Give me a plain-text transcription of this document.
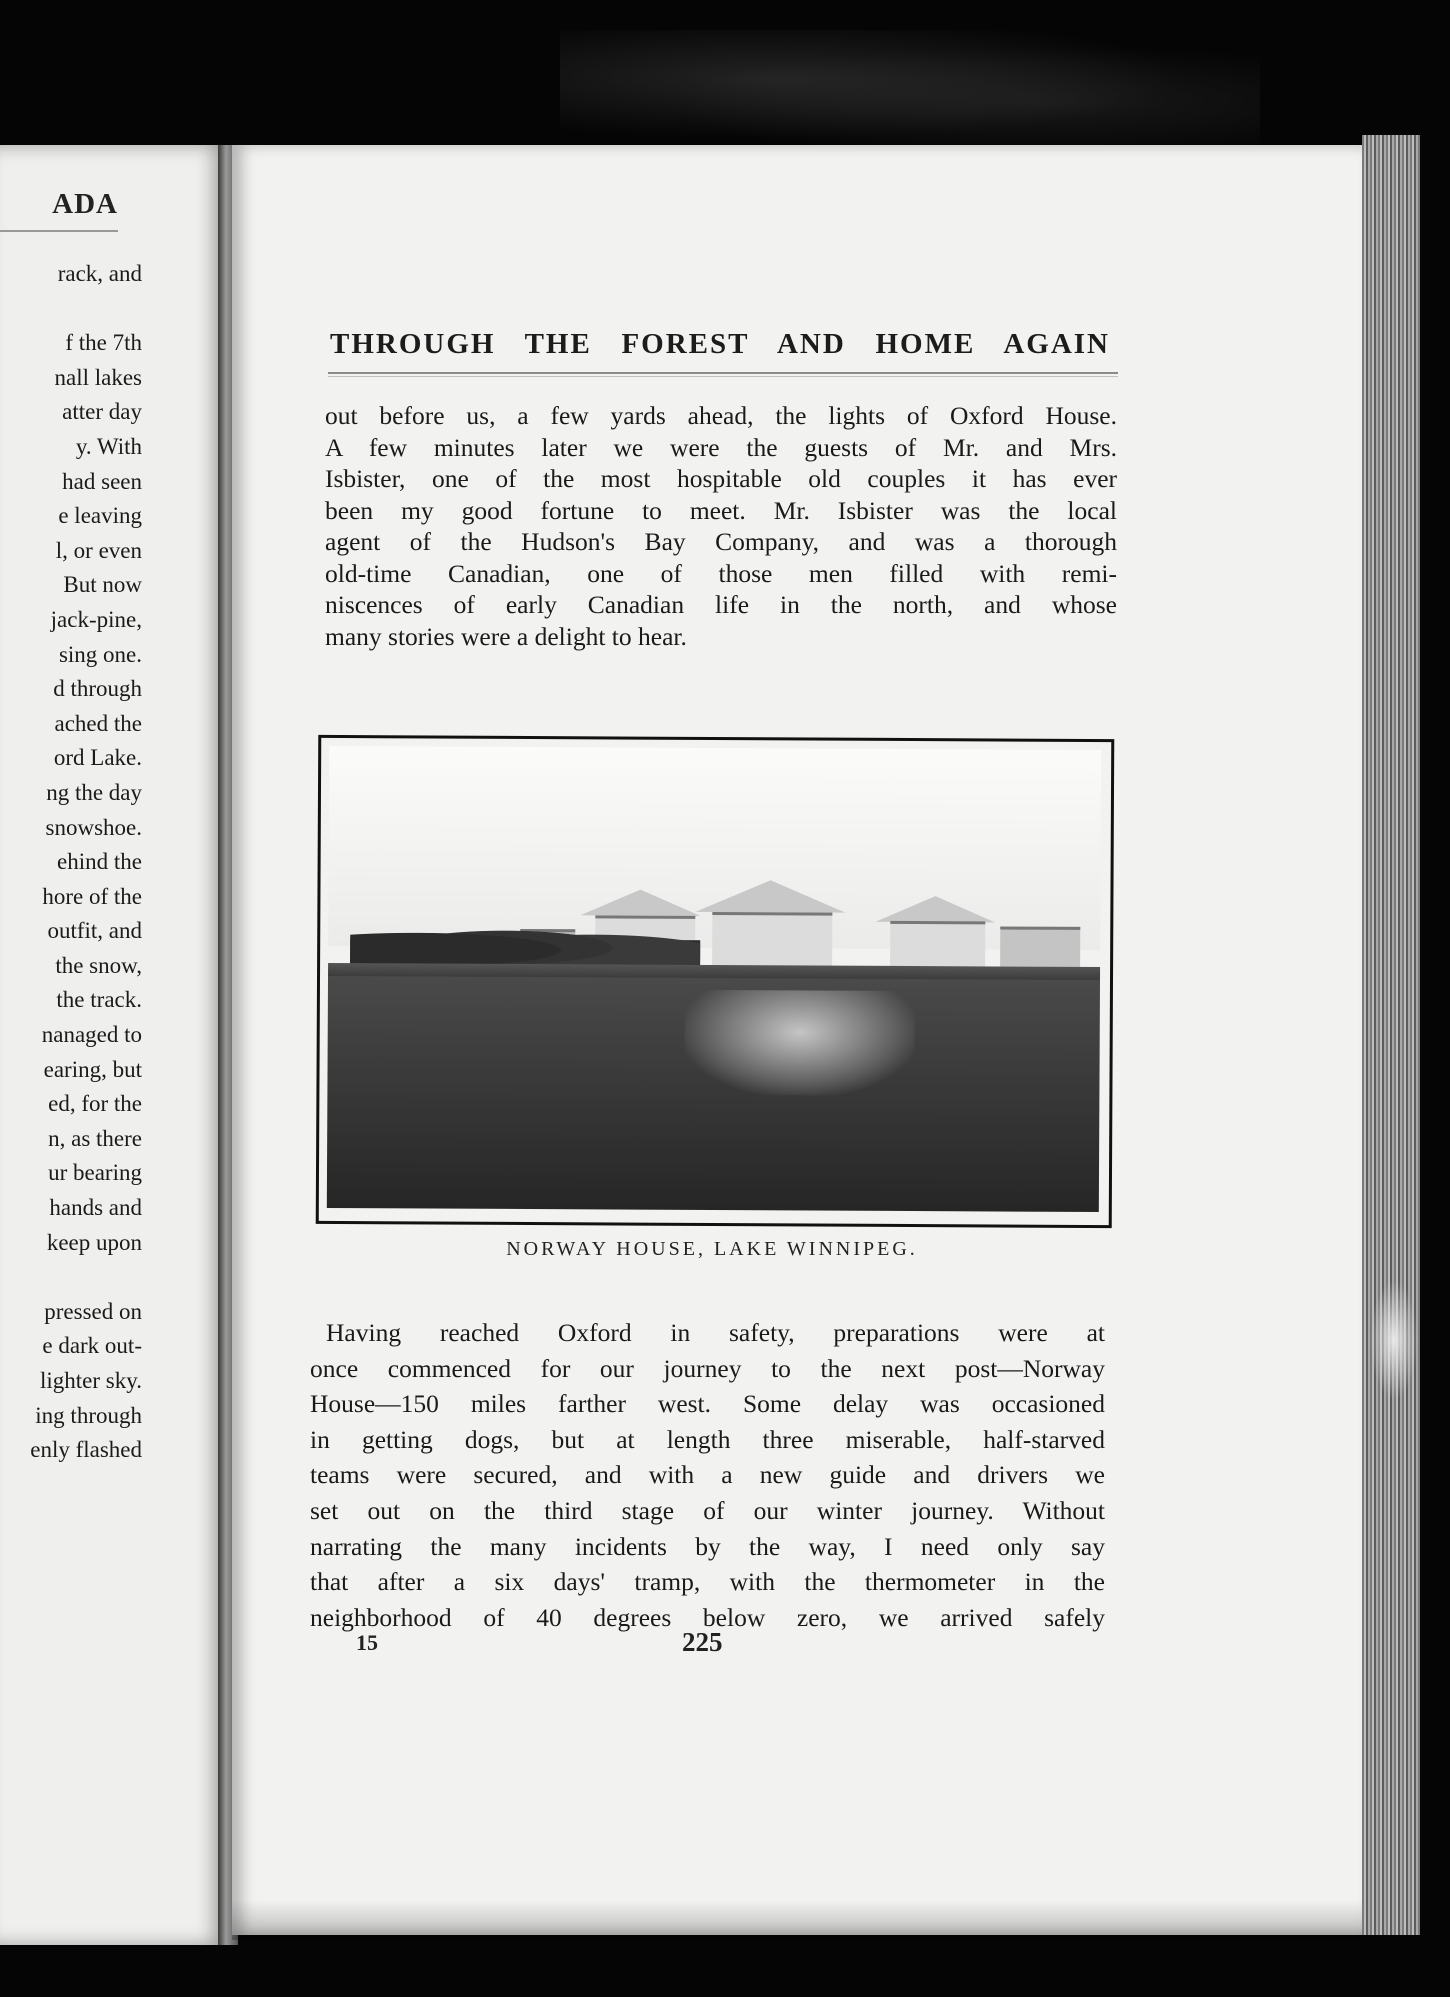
ADA
rack, and
f the 7th
nall lakes
atter day
y. With
had seen
e leaving
l, or even
But now
jack-pine,
sing one.
d through
ached the
ord Lake.
ng the day
snowshoe.
ehind the
hore of the
outfit, and
the snow,
the track.
nanaged to
earing, but
ed, for the
n, as there
ur bearing
hands and
keep upon
pressed on
e dark out-
lighter sky.
ing through
enly flashed
THROUGH THE FOREST AND HOME AGAIN
out before us, a few yards ahead, the lights of Oxford House.
A few minutes later we were the guests of Mr. and Mrs.
Isbister, one of the most hospitable old couples it has ever
been my good fortune to meet. Mr. Isbister was the local
agent of the Hudson's Bay Company, and was a thorough
old-time Canadian, one of those men filled with remi-
niscences of early Canadian life in the north, and whose
many stories were a delight to hear.
NORWAY HOUSE, LAKE WINNIPEG.
Having reached Oxford in safety, preparations were at
once commenced for our journey to the next post—Norway
House—150 miles farther west. Some delay was occasioned
in getting dogs, but at length three miserable, half-starved
teams were secured, and with a new guide and drivers we
set out on the third stage of our winter journey. Without
narrating the many incidents by the way, I need only say
that after a six days' tramp, with the thermometer in the
neighborhood of 40 degrees below zero, we arrived safely
15	225
